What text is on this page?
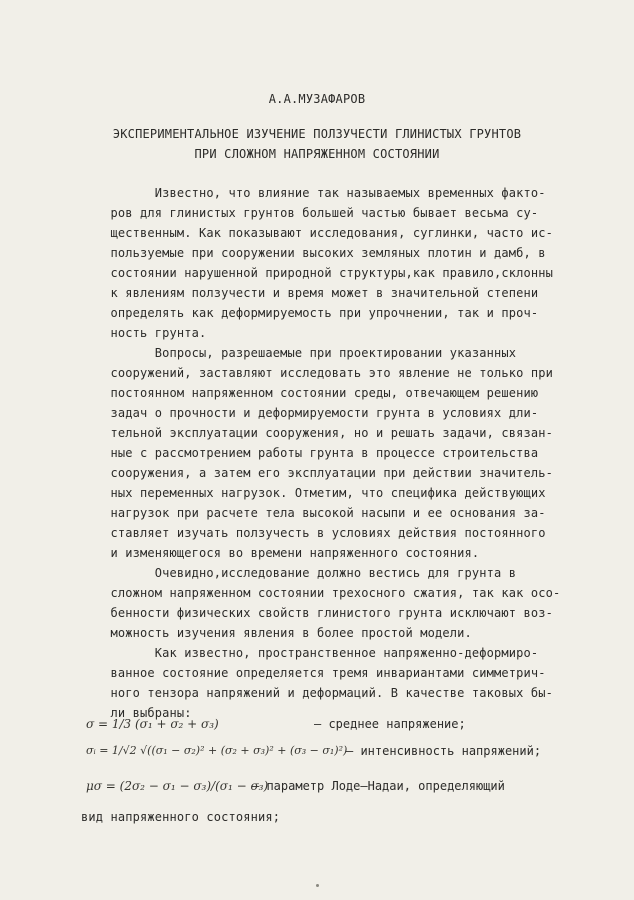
А.А.МУЗАФАРОВ
ЭКСПЕРИМЕНТАЛЬНОЕ ИЗУЧЕНИЕ ПОЛЗУЧЕСТИ ГЛИНИСТЫХ ГРУНТОВ
ПРИ СЛОЖНОМ НАПРЯЖЕННОМ СОСТОЯНИИ
Известно, что влияние так называемых временных факто-
ров для глинистых грунтов большей частью бывает весьма су-
щественным. Как показывают исследования, суглинки, часто ис-
пользуемые при сооружении высоких земляных плотин и дамб, в
состоянии нарушенной природной структуры,как правило,склонны
к явлениям ползучести и время может в значительной степени
определять как деформируемость при упрочнении, так и проч-
ность грунта.
Вопросы, разрешаемые при проектировании указанных
сооружений, заставляют исследовать это явление не только при
постоянном напряженном состоянии среды, отвечающем решению
задач о прочности и деформируемости грунта в условиях дли-
тельной эксплуатации сооружения, но и решать задачи, связан-
ные с рассмотрением работы грунта в процессе строительства
сооружения, а затем его эксплуатации при действии значитель-
ных переменных нагрузок. Отметим, что специфика действующих
нагрузок при расчете тела высокой насыпи и ее основания за-
ставляет изучать ползучесть в условиях действия постоянного
и изменяющегося во времени напряженного состояния.
Очевидно,исследование должно вестись для грунта в
сложном напряженном состоянии трехосного сжатия, так как осо-
бенности физических свойств глинистого грунта исключают воз-
можность изучения явления в более простой модели.
Как известно, пространственное напряженно-деформиро-
ванное состояние определяется тремя инвариантами симметрич-
ного тензора напряжений и деформаций. В качестве таковых бы-
ли выбраны:
σ = 1/3 (σ₁ + σ₂ + σ₃)	– среднее напряжение;
σᵢ = 1/√2 √((σ₁ − σ₂)² + (σ₂ + σ₃)² + (σ₃ − σ₁)²)
– интенсивность напряжений;
μσ = (2σ₂ − σ₁ − σ₃)/(σ₁ − σ₃)
– параметр Лоде–Надаи, определяющий
вид напряженного состояния;
